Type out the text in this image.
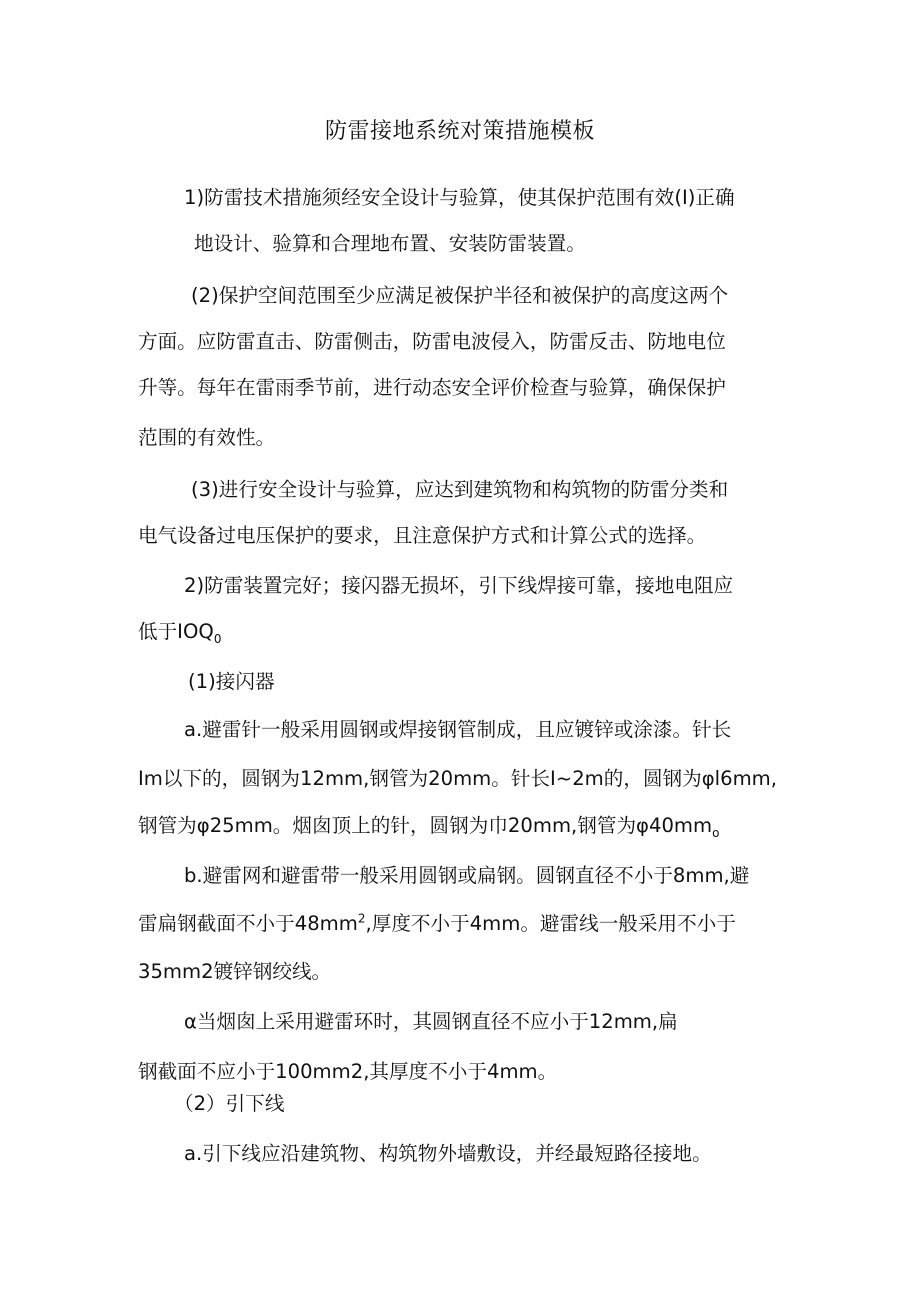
防雷接地系统对策措施模板
1)防雷技术措施须经安全设计与验算，使其保护范围有效(I)正确
地设计、验算和合理地布置、安装防雷装置。
(2)保护空间范围至少应满足被保护半径和被保护的高度这两个
方面。应防雷直击、防雷侧击，防雷电波侵入，防雷反击、防地电位
升等。每年在雷雨季节前，进行动态安全评价检查与验算，确保保护
范围的有效性。
(3)进行安全设计与验算，应达到建筑物和构筑物的防雷分类和
电气设备过电压保护的要求，且注意保护方式和计算公式的选择。
2)防雷装置完好；接闪器无损坏，引下线焊接可靠，接地电阻应
低于$IOQ_0$
(1)接闪器
a.避雷针一般采用圆钢或焊接钢管制成，且应镀锌或涂漆。针长
Im以下的，圆钢为12mm,钢管为20mm。针长I~2m的，圆钢为φl6mm,
钢管为φ25mm。烟囱顶上的针，圆钢为巾20mm,钢管为$\varphi 40mm_o$
b.避雷网和避雷带一般采用圆钢或扁钢。圆钢直径不小于8mm,避
雷扁钢截面不小于$48mm^2$,厚度不小于4mm。避雷线一般采用不小于
35mm2镀锌钢绞线。
α当烟囱上采用避雷环时，其圆钢直径不应小于12mm,扁
钢截面不应小于100mm2,其厚度不小于4mm。
（2）引下线
a.引下线应沿建筑物、构筑物外墙敷设，并经最短路径接地。
